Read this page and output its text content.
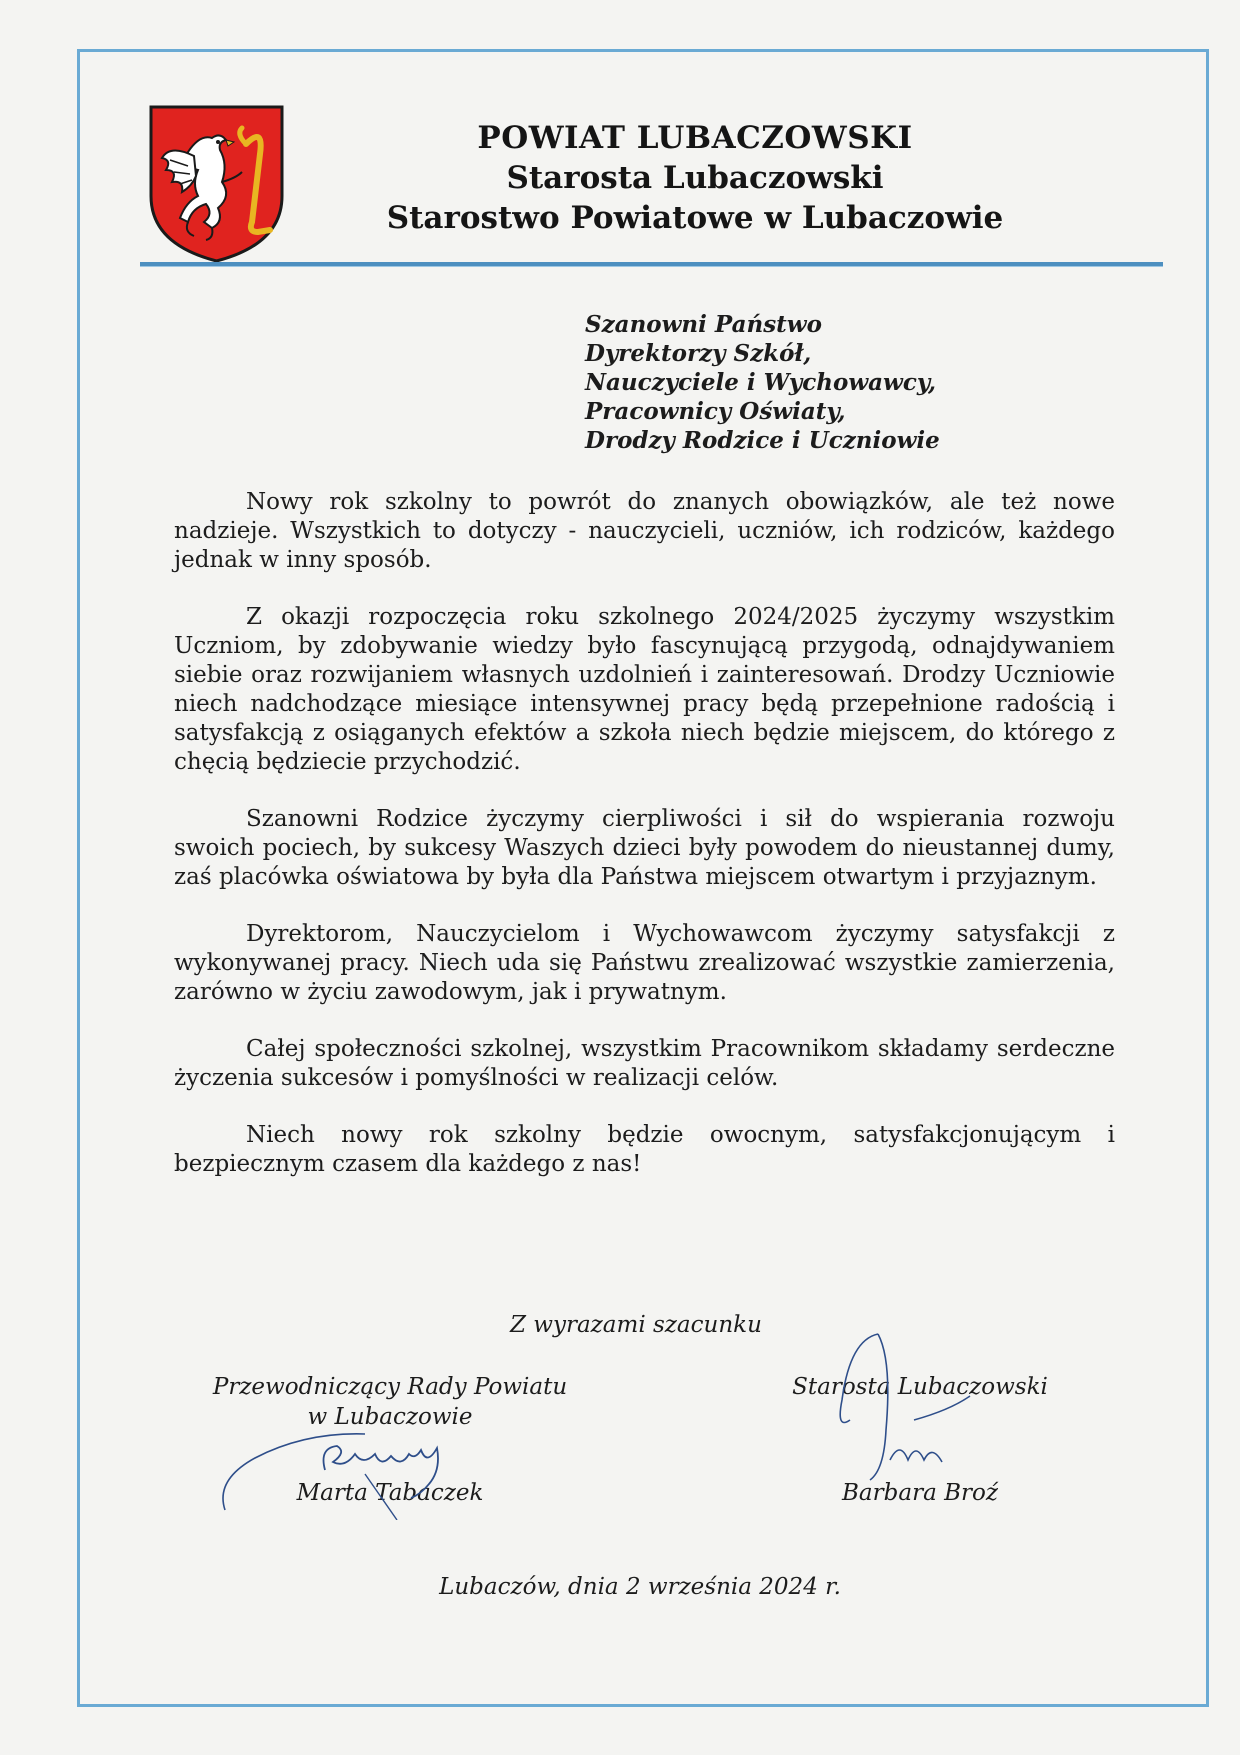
POWIAT LUBACZOWSKI
Starosta Lubaczowski
Starostwo Powiatowe w Lubaczowie
Szanowni Państwo
Dyrektorzy Szkół,
Nauczyciele i Wychowawcy,
Pracownicy Oświaty,
Drodzy Rodzice i Uczniowie

Nowy rok szkolny to powrót do znanych obowiązków, ale też nowe nadzieje. Wszystkich to dotyczy - nauczycieli, uczniów, ich rodziców, każdego jednak w inny sposób.

Z okazji rozpoczęcia roku szkolnego 2024/2025 życzymy wszystkim Uczniom, by zdobywanie wiedzy było fascynującą przygodą, odnajdywaniem siebie oraz rozwijaniem własnych uzdolnień i zainteresowań. Drodzy Uczniowie niech nadchodzące miesiące intensywnej pracy będą przepełnione radością i satysfakcją z osiąganych efektów a szkoła niech będzie miejscem, do którego z chęcią będziecie przychodzić.

Szanowni Rodzice życzymy cierpliwości i sił do wspierania rozwoju swoich pociech, by sukcesy Waszych dzieci były powodem do nieustannej dumy, zaś placówka oświatowa by była dla Państwa miejscem otwartym i przyjaznym.

Dyrektorom, Nauczycielom i Wychowawcom życzymy satysfakcji z wykonywanej pracy. Niech uda się Państwu zrealizować wszystkie zamierzenia, zarówno w życiu zawodowym, jak i prywatnym.

Całej społeczności szkolnej, wszystkim Pracownikom składamy serdeczne życzenia sukcesów i pomyślności w realizacji celów.

Niech nowy rok szkolny będzie owocnym, satysfakcjonującym i bezpiecznym czasem dla każdego z nas!

Z wyrazami szacunku
Przewodniczący Rady Powiatu
w Lubaczowie
Marta Tabaczek
Starosta Lubaczowski
Barbara Broź
Lubaczów, dnia 2 września 2024 r.
